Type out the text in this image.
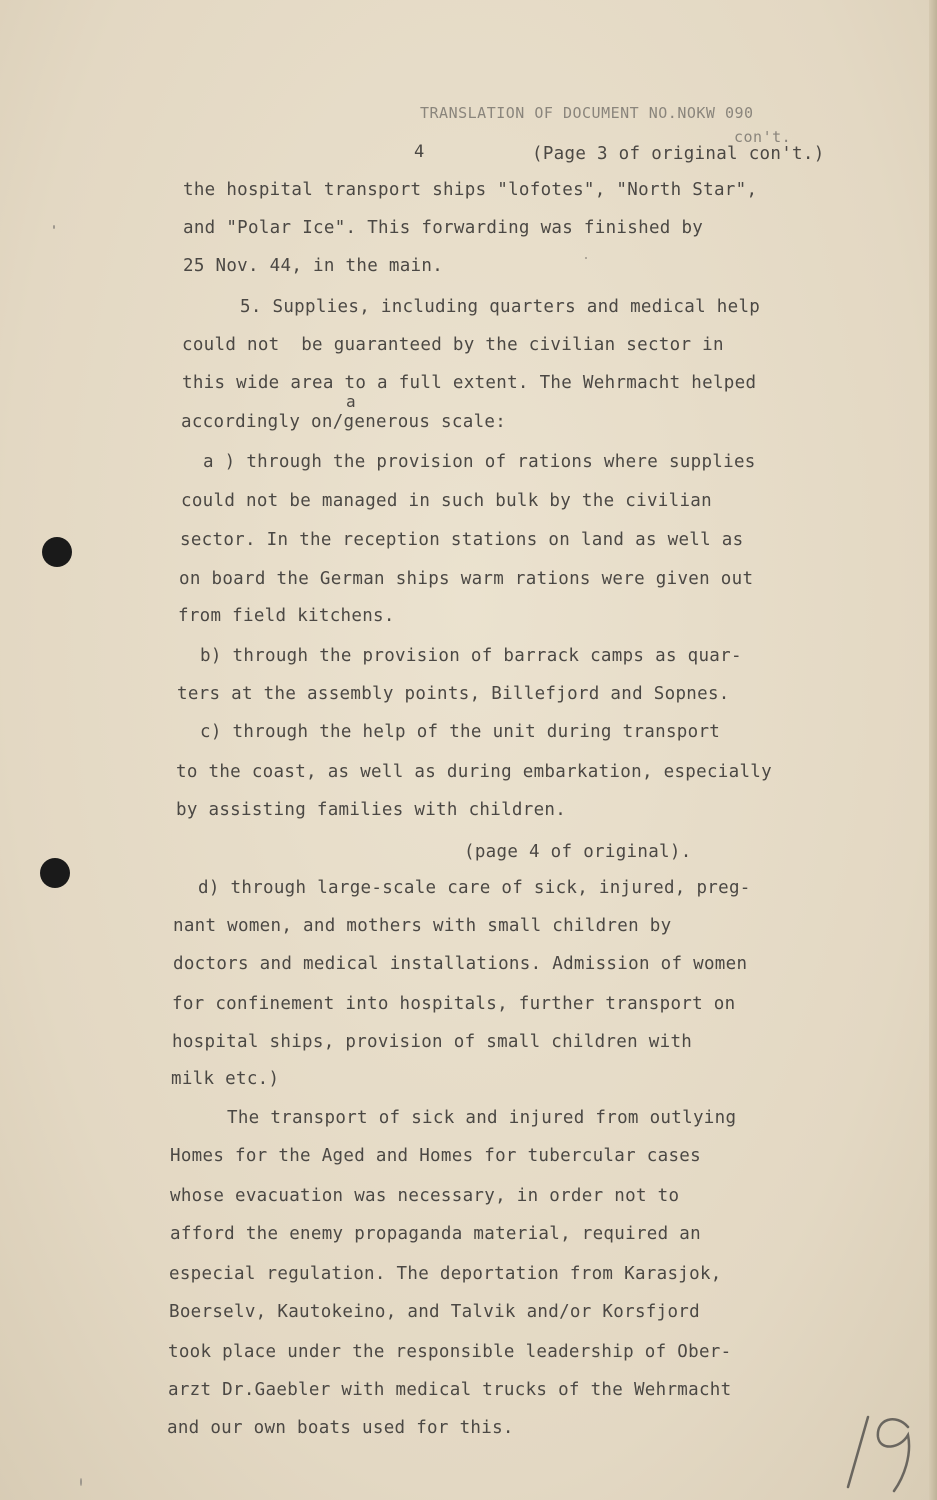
TRANSLATION OF DOCUMENT NO.NOKW 090
con't.
4	(Page 3 of original con't.)
the hospital transport ships "lofotes", "North Star",
and "Polar Ice". This forwarding was finished by
25 Nov. 44, in the main.
5. Supplies, including quarters and medical help
could not  be guaranteed by the civilian sector in
this wide area to a full extent. The Wehrmacht helped
a
accordingly on/generous scale:
a ) through the provision of rations where supplies
could not be managed in such bulk by the civilian
sector. In the reception stations on land as well as
on board the German ships warm rations were given out
from field kitchens.
b) through the provision of barrack camps as quar-
ters at the assembly points, Billefjord and Sopnes.
c) through the help of the unit during transport
to the coast, as well as during embarkation, especially
by assisting families with children.
(page 4 of original).
d) through large-scale care of sick, injured, preg-
nant women, and mothers with small children by
doctors and medical installations. Admission of women
for confinement into hospitals, further transport on
hospital ships, provision of small children with
milk etc.)
The transport of sick and injured from outlying
Homes for the Aged and Homes for tubercular cases
whose evacuation was necessary, in order not to
afford the enemy propaganda material, required an
especial regulation. The deportation from Karasjok,
Boerselv, Kautokeino, and Talvik and/or Korsfjord
took place under the responsible leadership of Ober-
arzt Dr.Gaebler with medical trucks of the Wehrmacht
and our own boats used for this.
